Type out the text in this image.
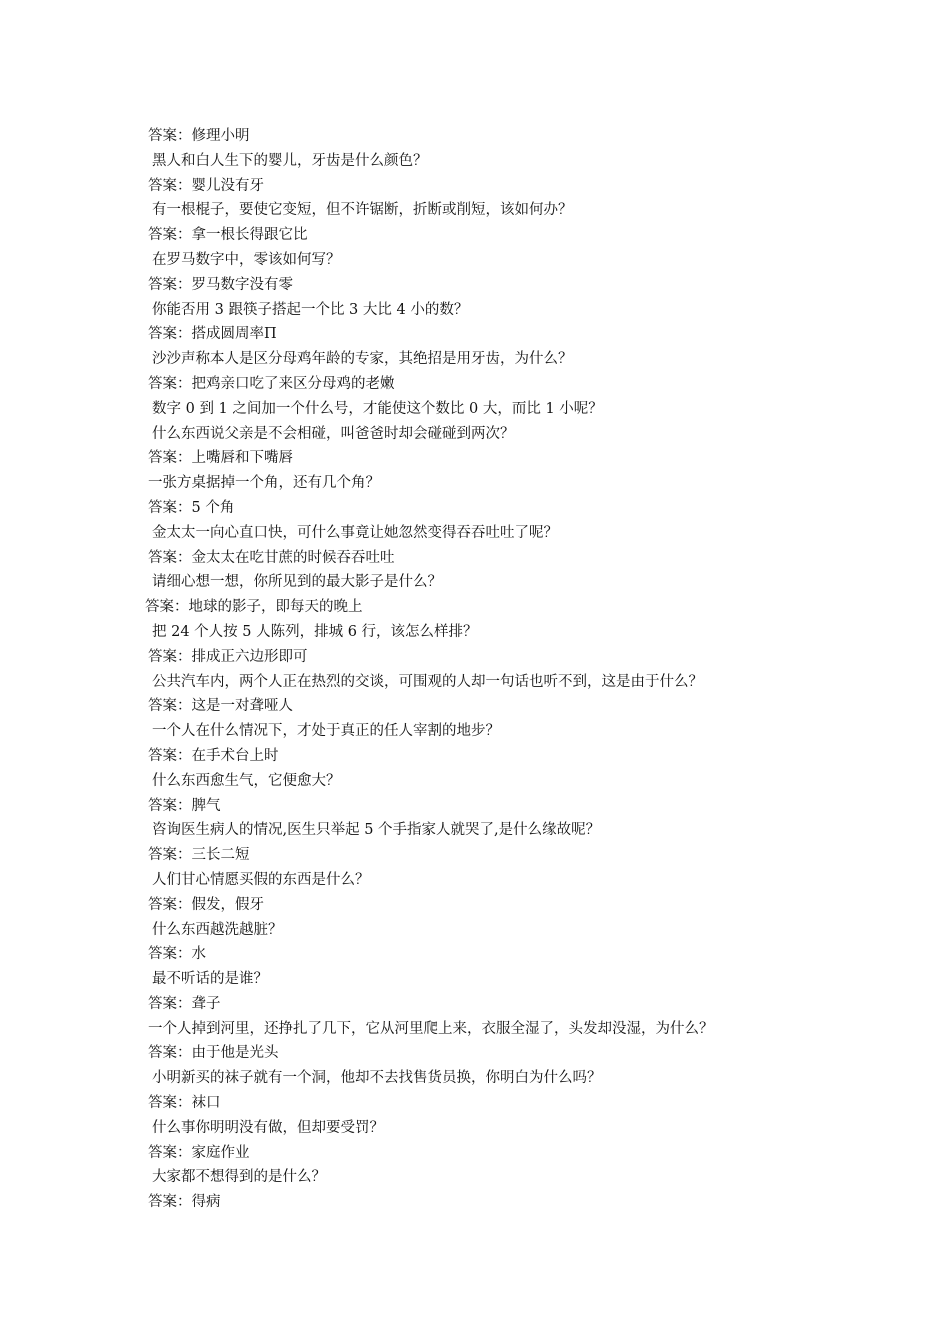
答案：修理小明
黑人和白人生下的婴儿，牙齿是什么颜色？
答案：婴儿没有牙
有一根棍子，要使它变短，但不许锯断，折断或削短，该如何办？
答案：拿一根长得跟它比
在罗马数字中，零该如何写？
答案：罗马数字没有零
你能否用 3 跟筷子搭起一个比 3 大比 4 小的数？
答案：搭成圆周率Π
沙沙声称本人是区分母鸡年龄的专家，其绝招是用牙齿，为什么？
答案：把鸡亲口吃了来区分母鸡的老嫩
数字 0 到 1 之间加一个什么号，才能使这个数比 0 大，而比 1 小呢？
什么东西说父亲是不会相碰，叫爸爸时却会碰碰到两次？
答案：上嘴唇和下嘴唇
一张方桌据掉一个角，还有几个角？
答案：5 个角
金太太一向心直口快，可什么事竟让她忽然变得吞吞吐吐了呢？
答案：金太太在吃甘蔗的时候吞吞吐吐
请细心想一想，你所见到的最大影子是什么？
答案：地球的影子，即每天的晚上
把 24 个人按 5 人陈列，排城 6 行，该怎么样排？
答案：排成正六边形即可
公共汽车内，两个人正在热烈的交谈，可围观的人却一句话也听不到，这是由于什么？
答案：这是一对聋哑人
一个人在什么情况下，才处于真正的任人宰割的地步？
答案：在手术台上时
什么东西愈生气，它便愈大？
答案：脾气
咨询医生病人的情况,医生只举起 5 个手指家人就哭了,是什么缘故呢？
答案：三长二短
人们甘心情愿买假的东西是什么？
答案：假发，假牙
什么东西越洗越脏？
答案：水
最不听话的是谁？
答案：聋子
一个人掉到河里，还挣扎了几下，它从河里爬上来，衣服全湿了，头发却没湿，为什么？
答案：由于他是光头
小明新买的袜子就有一个洞，他却不去找售货员换，你明白为什么吗？
答案：袜口
什么事你明明没有做，但却要受罚？
答案：家庭作业
大家都不想得到的是什么？
答案：得病
